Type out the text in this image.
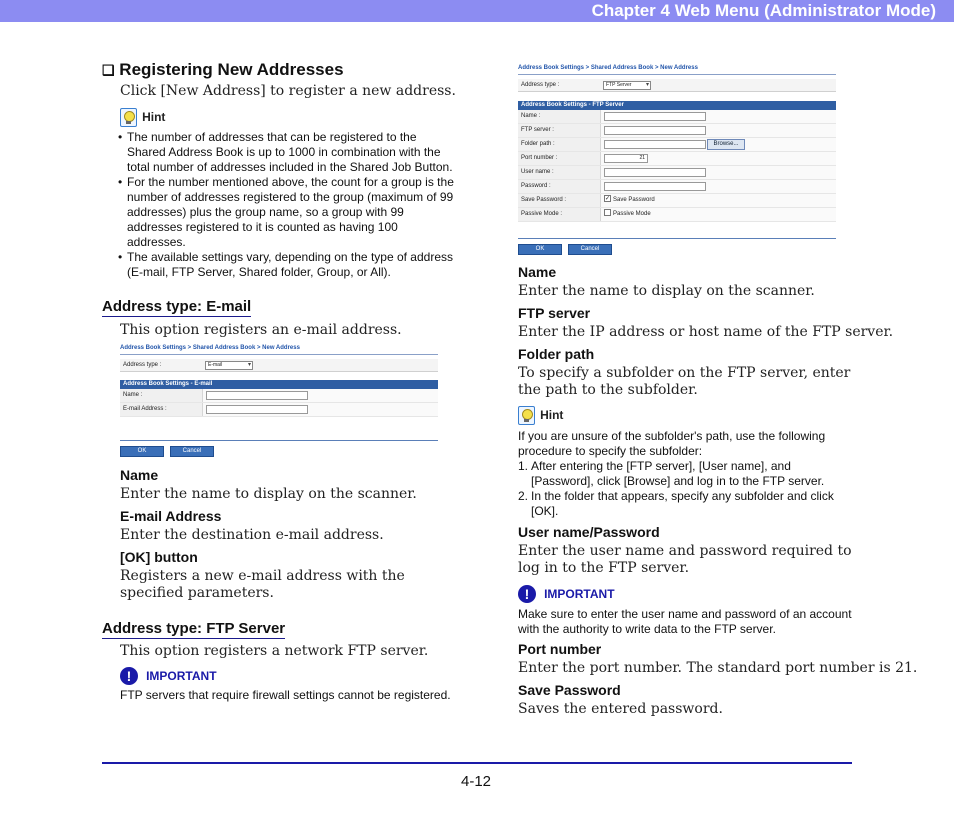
Chapter 4 Web Menu (Administrator Mode)
❑ Registering New Addresses
Click [New Address] to register a new address.
$^{Hint}$
• The number of addresses that can be registered to the Shared Address Book is up to 1000 in combination with the total number of addresses included in the Shared Job Button.
• For the number mentioned above, the count for a group is the number of addresses registered to the group (maximum of 99 addresses) plus the group name, so a group with 99 addresses registered to it is counted as having 100 addresses.
• The available settings vary, depending on the type of address (E-mail, FTP Server, Shared folder, Group, or All).
Address type: E-mail
This option registers an e-mail address.
Address Book Settings > Shared Address Book > New Address
Address type :	E-mail ▾
Address Book Settings - E-mail
Name :
E-mail Address :
OK	Cancel
Name
Enter the name to display on the scanner.
E-mail Address
Enter the destination e-mail address.
[OK] button
Registers a new e-mail address with the specified parameters.
Address type: FTP Server
This option registers a network FTP server.
! $^{IMPORTANT}$
FTP servers that require firewall settings cannot be registered.
Address Book Settings > Shared Address Book > New Address
Address type :	FTP Server ▾
Address Book Settings - FTP Server
Name :
FTP server :
Folder path :	Browse...
Port number :	21
User name :
Password :
Save Password :
✓	Save Password
Passive Mode :	Passive Mode
OK	Cancel
Name
Enter the name to display on the scanner.
FTP server
Enter the IP address or host name of the FTP server.
Folder path
To specify a subfolder on the FTP server, enter the path to the subfolder.
$^{Hint}$
If you are unsure of the subfolder's path, use the following procedure to specify the subfolder:
1. After entering the [FTP server], [User name], and [Password], click [Browse] and log in to the FTP server.
2. In the folder that appears, specify any subfolder and click [OK].
User name/Password
Enter the user name and password required to log in to the FTP server.
! $^{IMPORTANT}$
Make sure to enter the user name and password of an account with the authority to write data to the FTP server.
Port number
Enter the port number. The standard port number is 21.
Save Password
Saves the entered password.
4-12
